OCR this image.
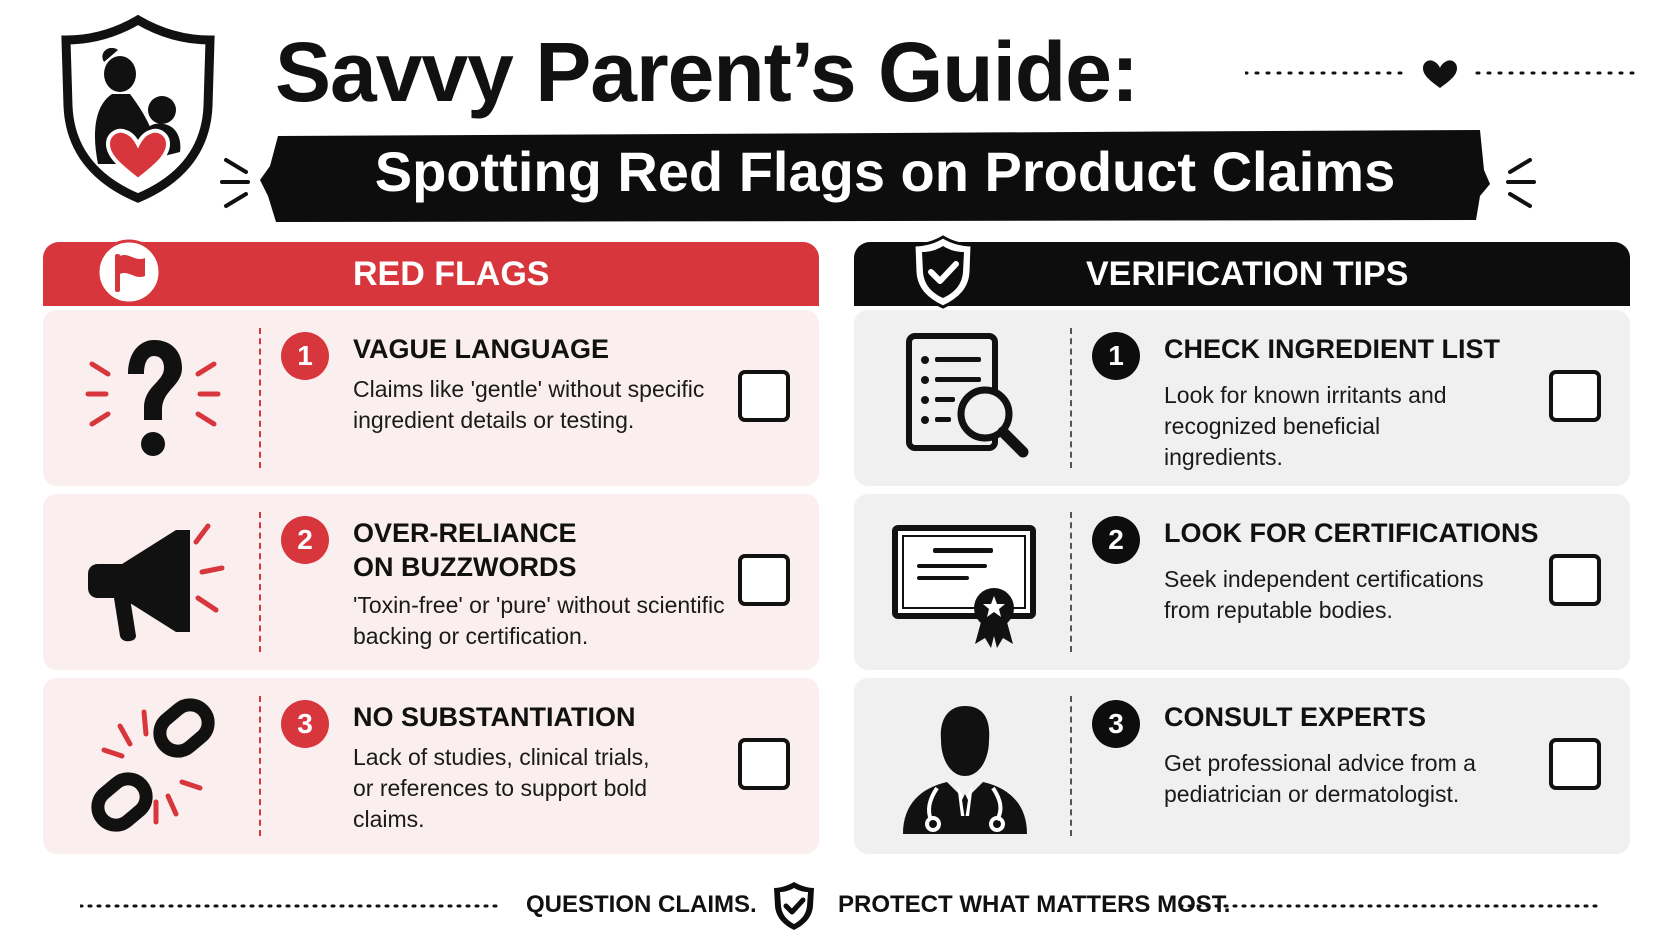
Savvy Parent’s Guide:
Spotting Red Flags on Product Claims
RED FLAGS	VERIFICATION TIPS
1	VAGUE LANGUAGE
Claims like 'gentle' without specific ingredient details or testing.
2	OVER-RELIANCE ON BUZZWORDS
'Toxin-free' or 'pure' without scientific backing or certification.
3	NO SUBSTANTIATION
Lack of studies, clinical trials, or references to support bold claims.
1	CHECK INGREDIENT LIST
Look for known irritants and recognized beneficial ingredients.
2	LOOK FOR CERTIFICATIONS
Seek independent certifications from reputable bodies.
3	CONSULT EXPERTS
Get professional advice from a pediatrician or dermatologist.
QUESTION CLAIMS.	PROTECT WHAT MATTERS MOST.
